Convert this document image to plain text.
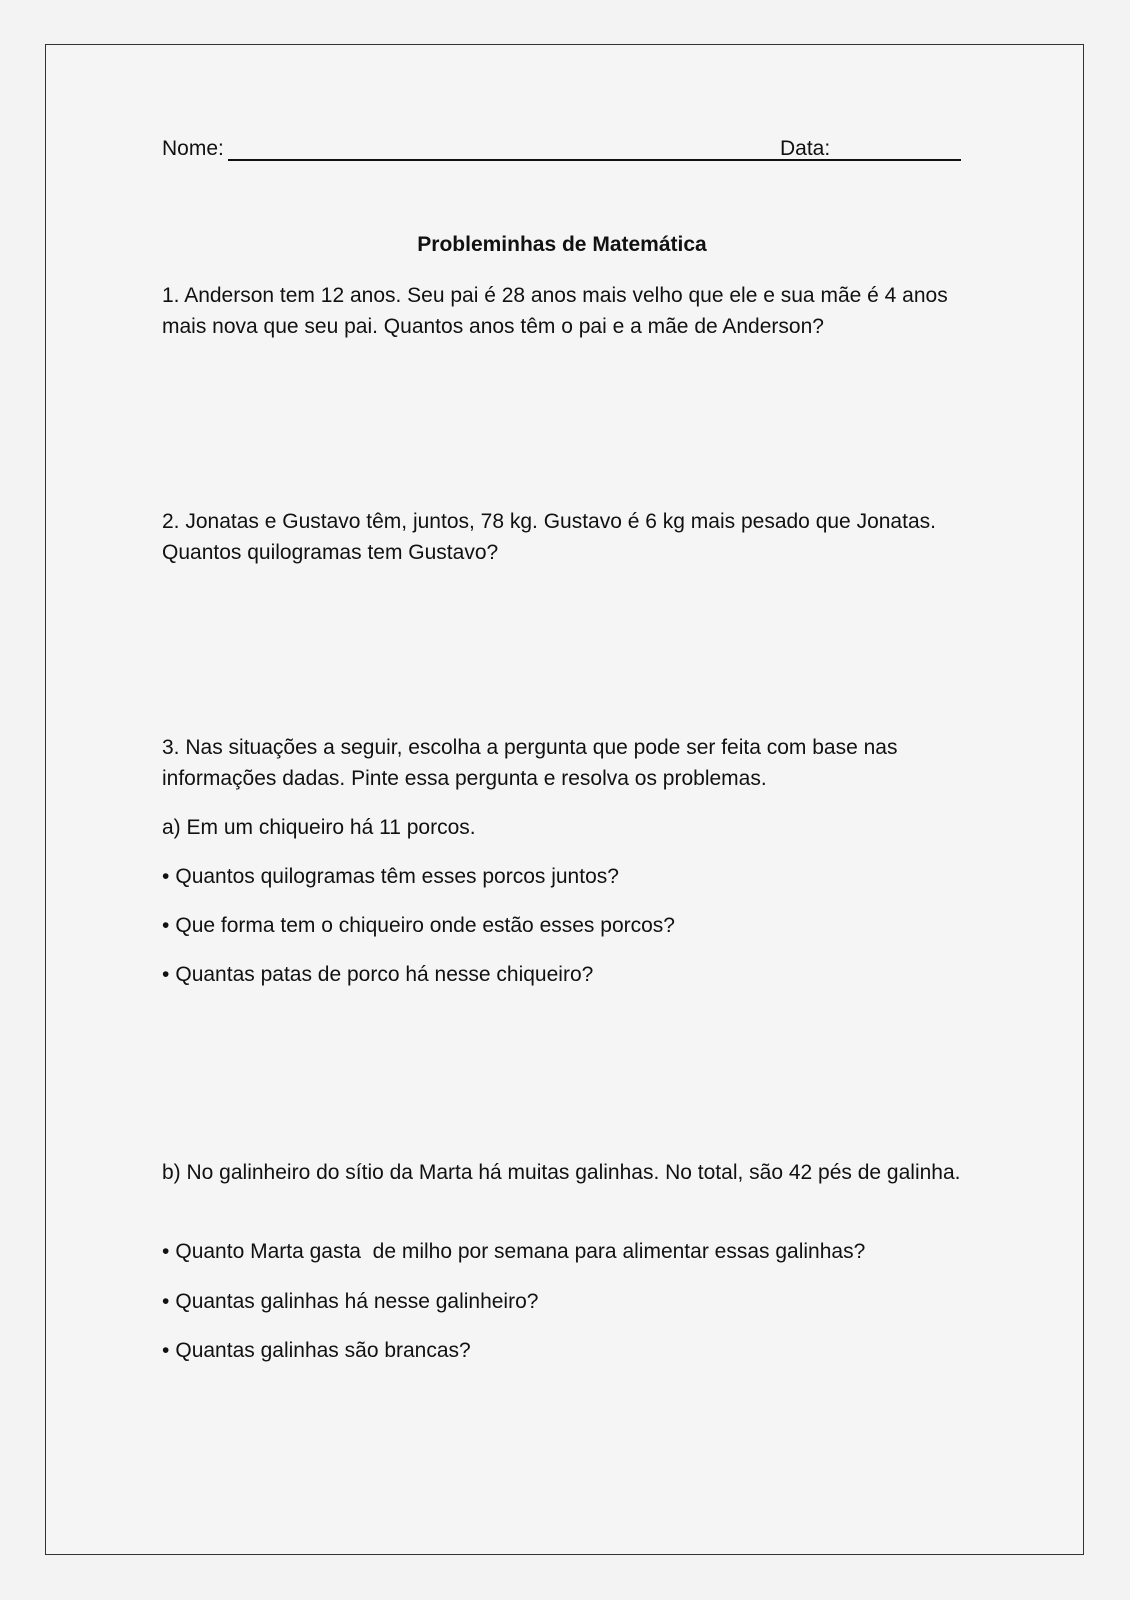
Nome:	Data:
Probleminhas de Matemática

1. Anderson tem 12 anos. Seu pai é 28 anos mais velho que ele e sua mãe é 4 anos mais nova que seu pai. Quantos anos têm o pai e a mãe de Anderson?

2. Jonatas e Gustavo têm, juntos, 78 kg. Gustavo é 6 kg mais pesado que Jonatas. Quantos quilogramas tem Gustavo?

3. Nas situações a seguir, escolha a pergunta que pode ser feita com base nas informações dadas. Pinte essa pergunta e resolva os problemas.

a) Em um chiqueiro há 11 porcos.

• Quantos quilogramas têm esses porcos juntos?

• Que forma tem o chiqueiro onde estão esses porcos?

• Quantas patas de porco há nesse chiqueiro?

b) No galinheiro do sítio da Marta há muitas galinhas. No total, são 42 pés de galinha.

• Quanto Marta gasta  de milho por semana para alimentar essas galinhas?

• Quantas galinhas há nesse galinheiro?

• Quantas galinhas são brancas?
